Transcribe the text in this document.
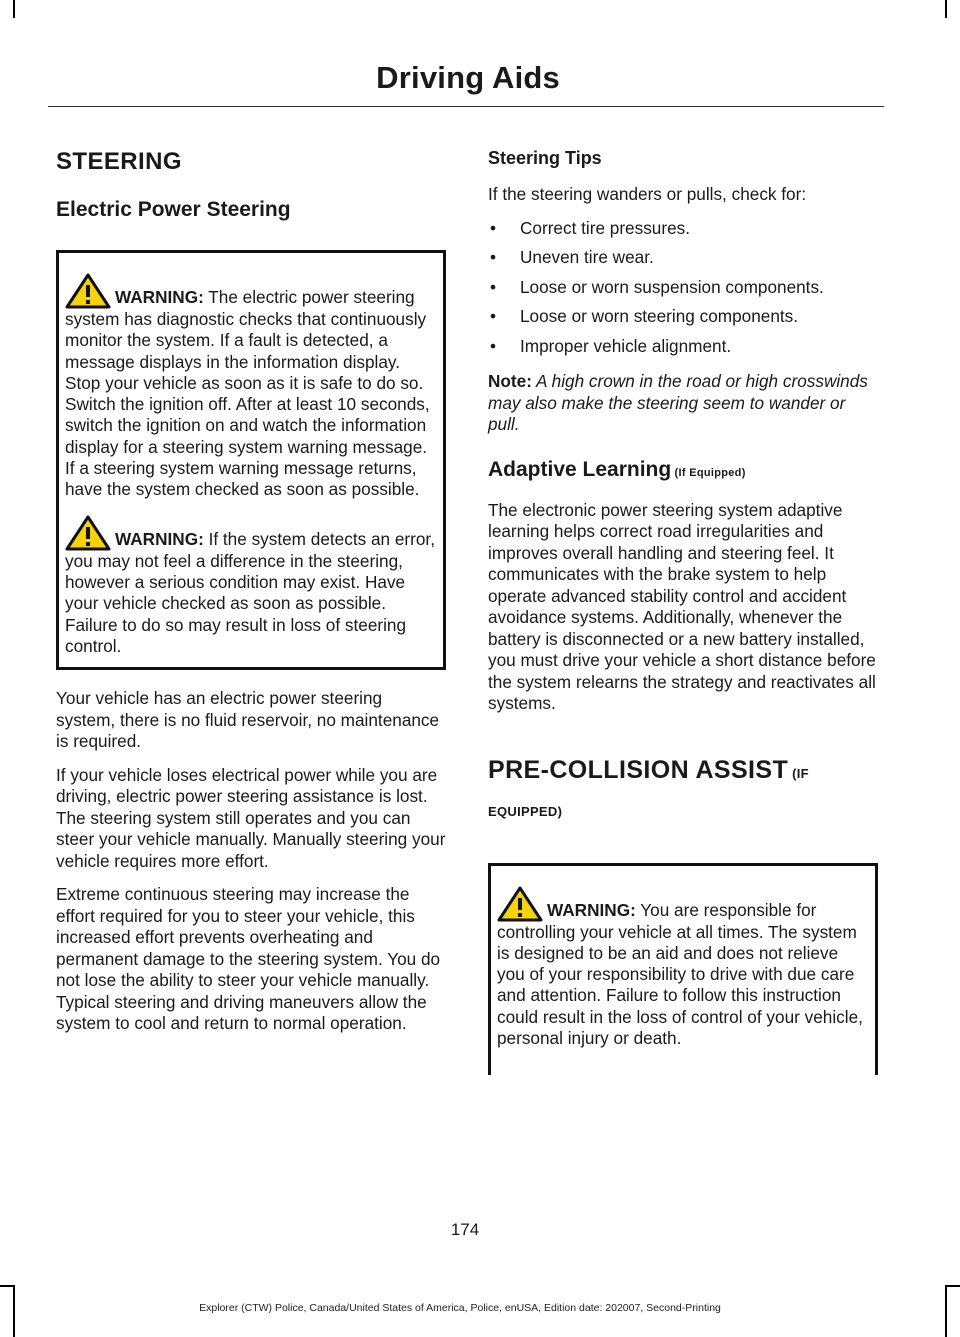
Driving Aids
STEERING
Electric Power Steering

WARNING: The electric power steering system has diagnostic checks that continuously monitor the system. If a fault is detected, a message displays in the information display. Stop your vehicle as soon as it is safe to do so. Switch the ignition off. After at least 10 seconds, switch the ignition on and watch the information display for a steering system warning message. If a steering system warning message returns, have the system checked as soon as possible.

WARNING: If the system detects an error, you may not feel a difference in the steering, however a serious condition may exist. Have your vehicle checked as soon as possible. Failure to do so may result in loss of steering control.

Your vehicle has an electric power steering system, there is no fluid reservoir, no maintenance is required.

If your vehicle loses electrical power while you are driving, electric power steering assistance is lost. The steering system still operates and you can steer your vehicle manually. Manually steering your vehicle requires more effort.

Extreme continuous steering may increase the effort required for you to steer your vehicle, this increased effort prevents overheating and permanent damage to the steering system. You do not lose the ability to steer your vehicle manually. Typical steering and driving maneuvers allow the system to cool and return to normal operation.

Steering Tips

If the steering wanders or pulls, check for:

• Correct tire pressures.
• Uneven tire wear.
• Loose or worn suspension components.
• Loose or worn steering components.
• Improper vehicle alignment.

Note: A high crown in the road or high crosswinds may also make the steering seem to wander or pull.

Adaptive Learning (If Equipped)

The electronic power steering system adaptive learning helps correct road irregularities and improves overall handling and steering feel. It communicates with the brake system to help operate advanced stability control and accident avoidance systems. Additionally, whenever the battery is disconnected or a new battery installed, you must drive your vehicle a short distance before the system relearns the strategy and reactivates all systems.

PRE-COLLISION ASSIST (IF EQUIPPED)

WARNING: You are responsible for controlling your vehicle at all times. The system is designed to be an aid and does not relieve you of your responsibility to drive with due care and attention. Failure to follow this instruction could result in the loss of control of your vehicle, personal injury or death.

174
Explorer (CTW) Police, Canada/United States of America, Police, enUSA, Edition date: 202007, Second-Printing
